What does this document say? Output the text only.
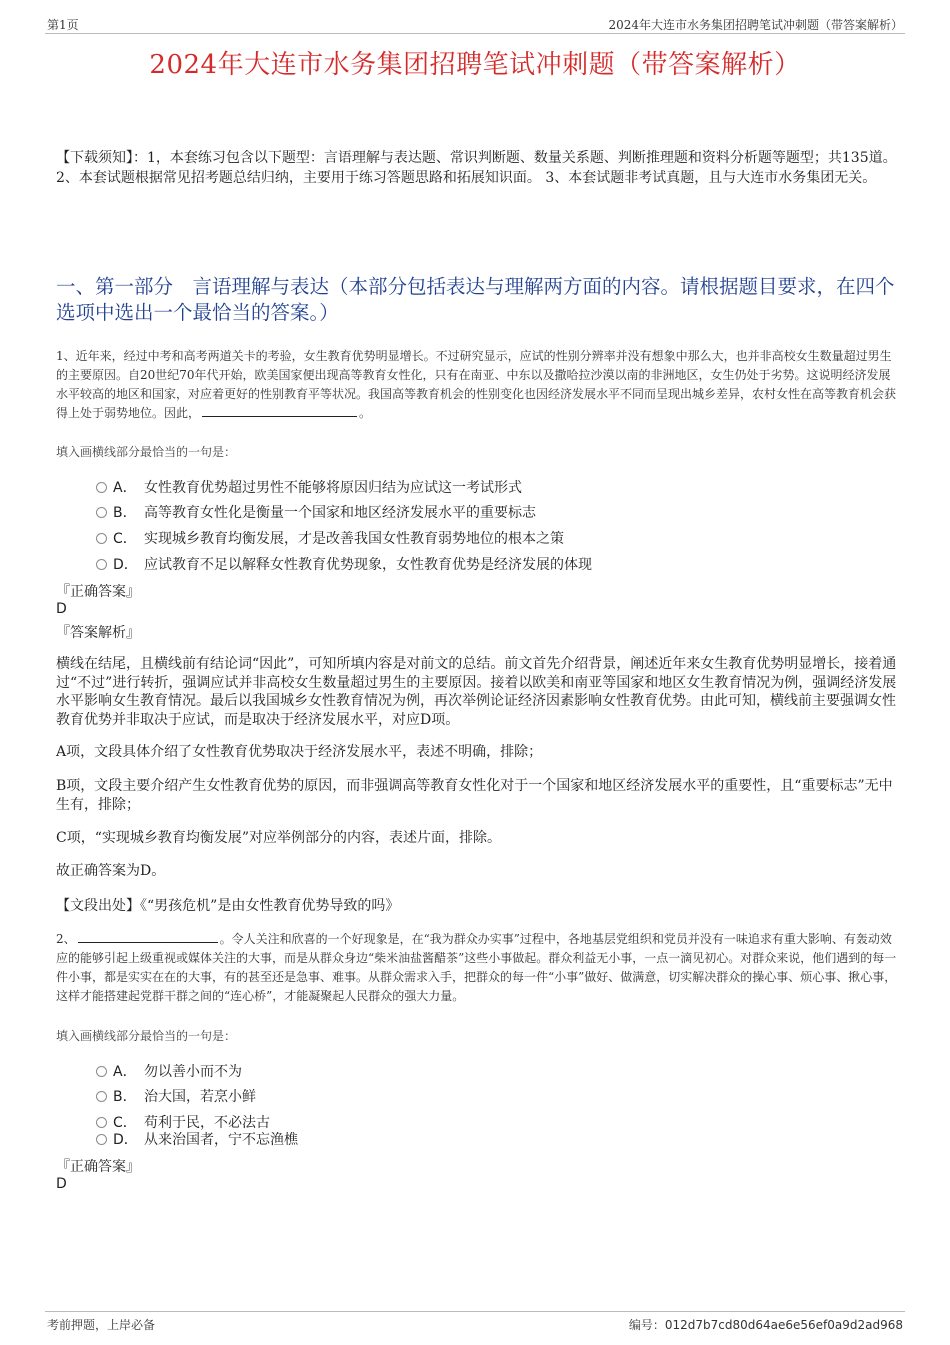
第1页	2024年大连市水务集团招聘笔试冲刺题（带答案解析）
2024年大连市水务集团招聘笔试冲刺题（带答案解析）
【下载须知】：1，本套练习包含以下题型：言语理解与表达题、常识判断题、数量关系题、判断推理题和资料分析题等题型；共135道。 2、本套试题根据常见招考题总结归纳，主要用于练习答题思路和拓展知识面。 3、本套试题非考试真题，且与大连市水务集团无关。
一、第一部分　言语理解与表达（本部分包括表达与理解两方面的内容。请根据题目要求，在四个选项中选出一个最恰当的答案。）
1、近年来，经过中考和高考两道关卡的考验，女生教育优势明显增长。不过研究显示，应试的性别分辨率并没有想象中那么大，也并非高校女生数量超过男生的主要原因。自20世纪70年代开始，欧美国家便出现高等教育女性化，只有在南亚、中东以及撒哈拉沙漠以南的非洲地区，女生仍处于劣势。这说明经济发展水平较高的地区和国家，对应着更好的性别教育平等状况。我国高等教育机会的性别变化也因经济发展水平不同而呈现出城乡差异，农村女性在高等教育机会获得上处于弱势地位。因此，	。
填入画横线部分最恰当的一句是：
A． 女性教育优势超过男性不能够将原因归结为应试这一考试形式
B． 高等教育女性化是衡量一个国家和地区经济发展水平的重要标志
C． 实现城乡教育均衡发展，才是改善我国女性教育弱势地位的根本之策
D． 应试教育不足以解释女性教育优势现象，女性教育优势是经济发展的体现
『正确答案』
D
『答案解析』
横线在结尾，且横线前有结论词“因此”，可知所填内容是对前文的总结。前文首先介绍背景，阐述近年来女生教育优势明显增长，接着通过“不过”进行转折，强调应试并非高校女生数量超过男生的主要原因。接着以欧美和南亚等国家和地区女生教育情况为例，强调经济发展水平影响女生教育情况。最后以我国城乡女性教育情况为例，再次举例论证经济因素影响女性教育优势。由此可知，横线前主要强调女性教育优势并非取决于应试，而是取决于经济发展水平，对应D项。
A项，文段具体介绍了女性教育优势取决于经济发展水平，表述不明确，排除；
B项，文段主要介绍产生女性教育优势的原因，而非强调高等教育女性化对于一个国家和地区经济发展水平的重要性，且“重要标志”无中生有，排除；
C项，“实现城乡教育均衡发展”对应举例部分的内容，表述片面，排除。
故正确答案为D。
【文段出处】《“男孩危机”是由女性教育优势导致的吗》
2、	。令人关注和欣喜的一个好现象是，在“我为群众办实事”过程中，各地基层党组织和党员并没有一味追求有重大影响、有轰动效应的能够引起上级重视或媒体关注的大事，而是从群众身边“柴米油盐酱醋茶”这些小事做起。群众利益无小事，一点一滴见初心。对群众来说，他们遇到的每一件小事，都是实实在在的大事，有的甚至还是急事、难事。从群众需求入手，把群众的每一件“小事”做好、做满意，切实解决群众的操心事、烦心事、揪心事，这样才能搭建起党群干群之间的“连心桥”，才能凝聚起人民群众的强大力量。
填入画横线部分最恰当的一句是：
A． 勿以善小而不为
B． 治大国，若烹小鲜
C． 苟利于民，不必法古
D． 从来治国者，宁不忘渔樵
『正确答案』
D
考前押题，上岸必备	编号：012d7b7cd80d64ae6e56ef0a9d2ad968
